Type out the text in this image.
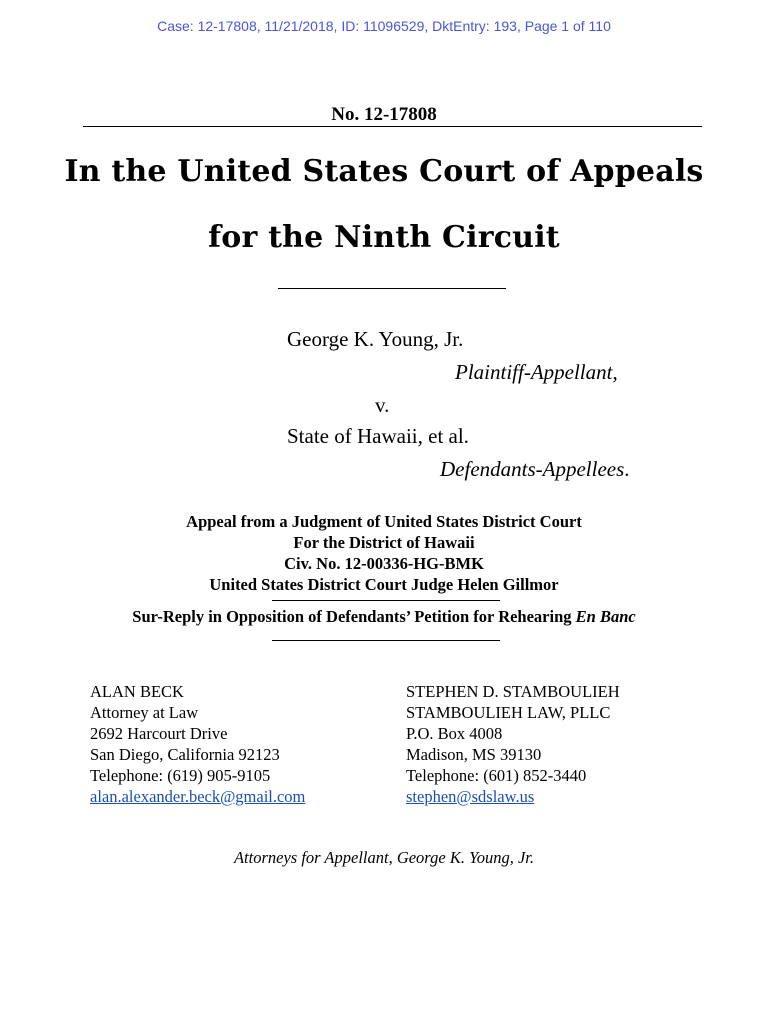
Case: 12-17808, 11/21/2018, ID: 11096529, DktEntry: 193, Page 1 of 110
No. 12-17808
In the United States Court of Appeals
for the Ninth Circuit
George K. Young, Jr.
Plaintiff-Appellant,
v.
State of Hawaii, et al.
Defendants-Appellees.
Appeal from a Judgment of United States District Court
For the District of Hawaii
Civ. No. 12-00336-HG-BMK
United States District Court Judge Helen Gillmor
Sur-Reply in Opposition of Defendants’ Petition for Rehearing En Banc
ALAN BECK
Attorney at Law
2692 Harcourt Drive
San Diego, California 92123
Telephone: (619) 905-9105
alan.alexander.beck@gmail.com
STEPHEN D. STAMBOULIEH
STAMBOULIEH LAW, PLLC
P.O. Box 4008
Madison, MS 39130
Telephone: (601) 852-3440
stephen@sdslaw.us
Attorneys for Appellant, George K. Young, Jr.
